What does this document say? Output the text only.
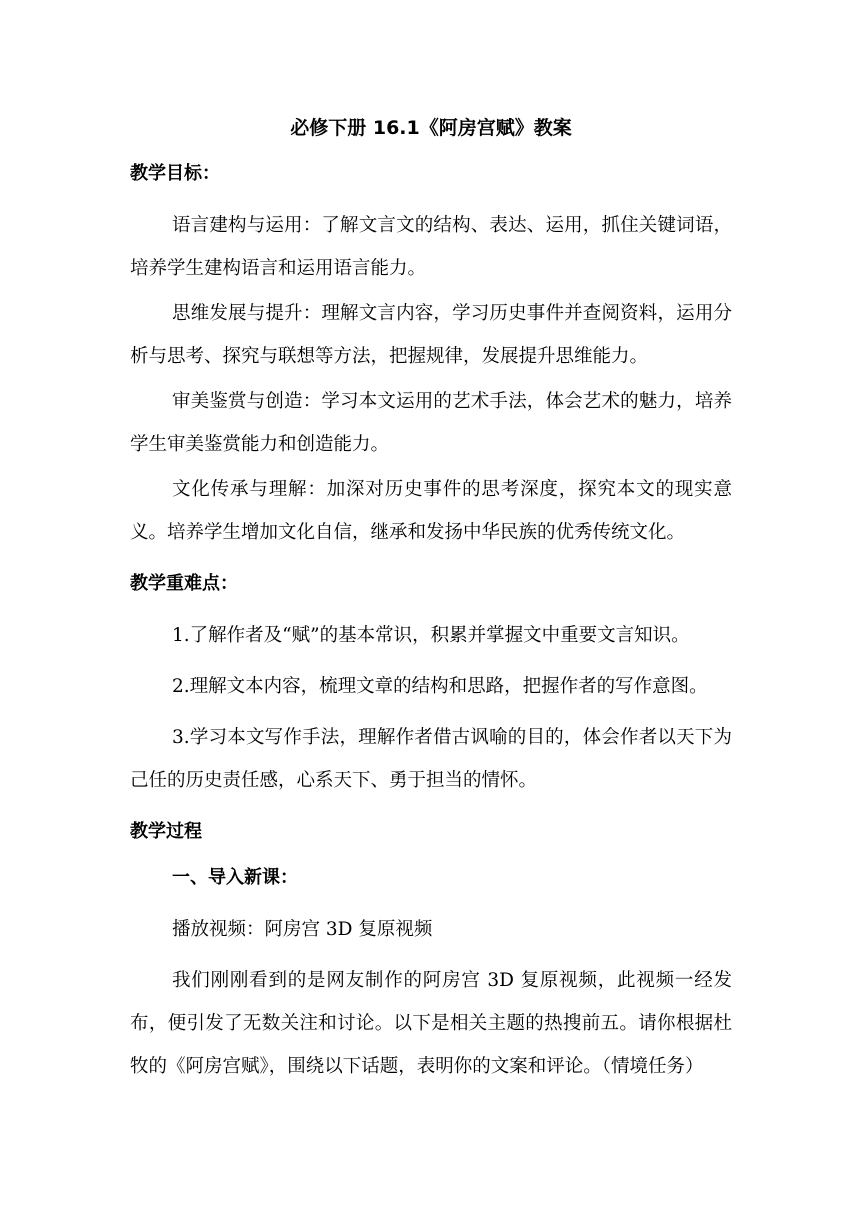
必修下册 16.1《阿房宫赋》教案
教学目标：

语言建构与运用：了解文言文的结构、表达、运用，抓住关键词语，培养学生建构语言和运用语言能力。

思维发展与提升：理解文言内容，学习历史事件并查阅资料，运用分析与思考、探究与联想等方法，把握规律，发展提升思维能力。

审美鉴赏与创造：学习本文运用的艺术手法，体会艺术的魅力，培养学生审美鉴赏能力和创造能力。

文化传承与理解：加深对历史事件的思考深度，探究本文的现实意义。培养学生增加文化自信，继承和发扬中华民族的优秀传统文化。

教学重难点：

1.了解作者及“赋”的基本常识，积累并掌握文中重要文言知识。

2.理解文本内容，梳理文章的结构和思路，把握作者的写作意图。

3.学习本文写作手法，理解作者借古讽喻的目的，体会作者以天下为己任的历史责任感，心系天下、勇于担当的情怀。

教学过程
一、导入新课：

播放视频：阿房宫 3D 复原视频

我们刚刚看到的是网友制作的阿房宫 3D 复原视频，此视频一经发布，便引发了无数关注和讨论。以下是相关主题的热搜前五。请你根据杜牧的《阿房宫赋》，围绕以下话题，表明你的文案和评论。（情境任务）
